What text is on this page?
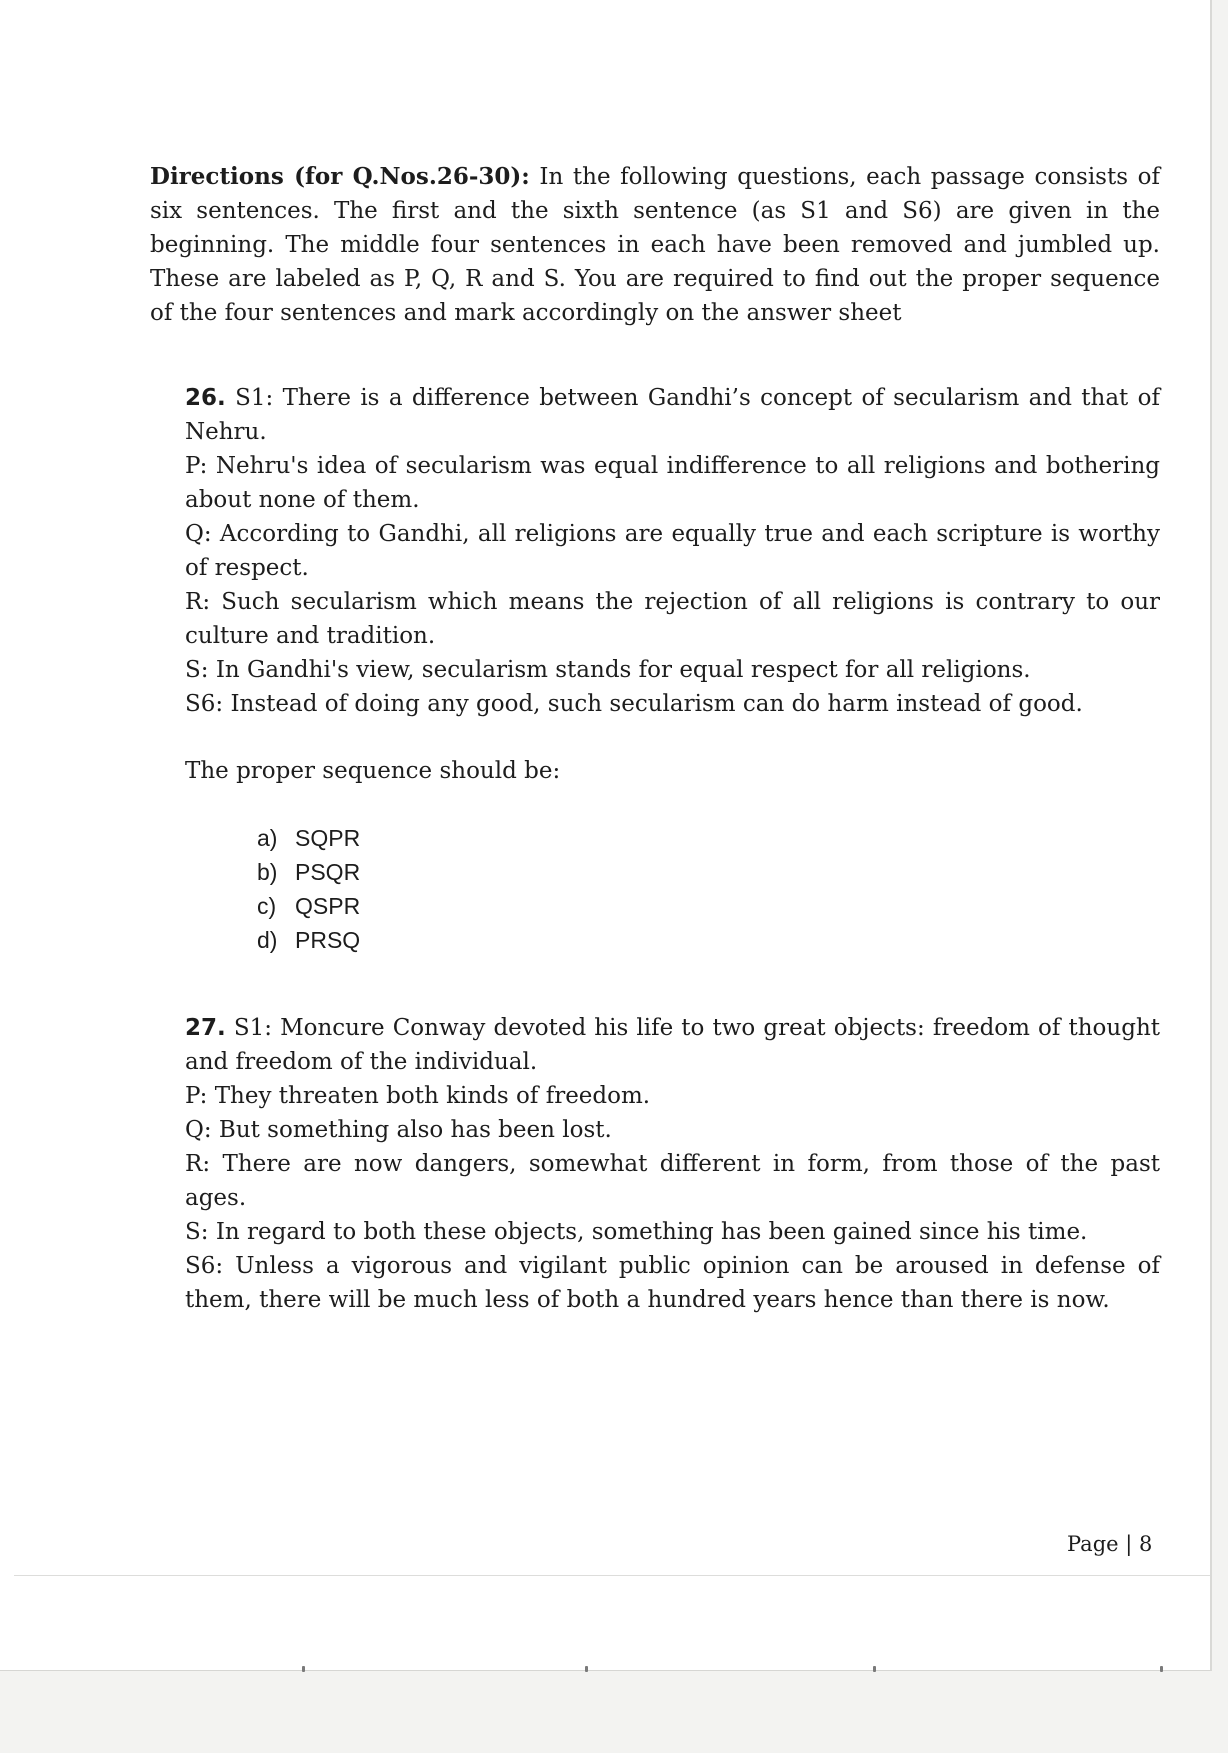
Directions (for Q.Nos.26-30): In the following questions, each passage consists of six sentences. The first and the sixth sentence (as S1 and S6) are given in the beginning. The middle four sentences in each have been removed and jumbled up. These are labeled as P, Q, R and S. You are required to find out the proper sequence of the four sentences and mark accordingly on the answer sheet

26. S1: There is a difference between Gandhi’s concept of secularism and that of Nehru.

P: Nehru's idea of secularism was equal indifference to all religions and bothering about none of them.

Q: According to Gandhi, all religions are equally true and each scripture is worthy of respect.

R: Such secularism which means the rejection of all religions is contrary to our culture and tradition.

S: In Gandhi's view, secularism stands for equal respect for all religions.

S6: Instead of doing any good, such secularism can do harm instead of good.

The proper sequence should be:

a) SQPR
b) PSQR
c) QSPR
d) PRSQ

27. S1: Moncure Conway devoted his life to two great objects: freedom of thought and freedom of the individual.

P: They threaten both kinds of freedom.

Q: But something also has been lost.

R: There are now dangers, somewhat different in form, from those of the past ages.

S: In regard to both these objects, something has been gained since his time.

S6: Unless a vigorous and vigilant public opinion can be aroused in defense of them, there will be much less of both a hundred years hence than there is now.

Page | 8
